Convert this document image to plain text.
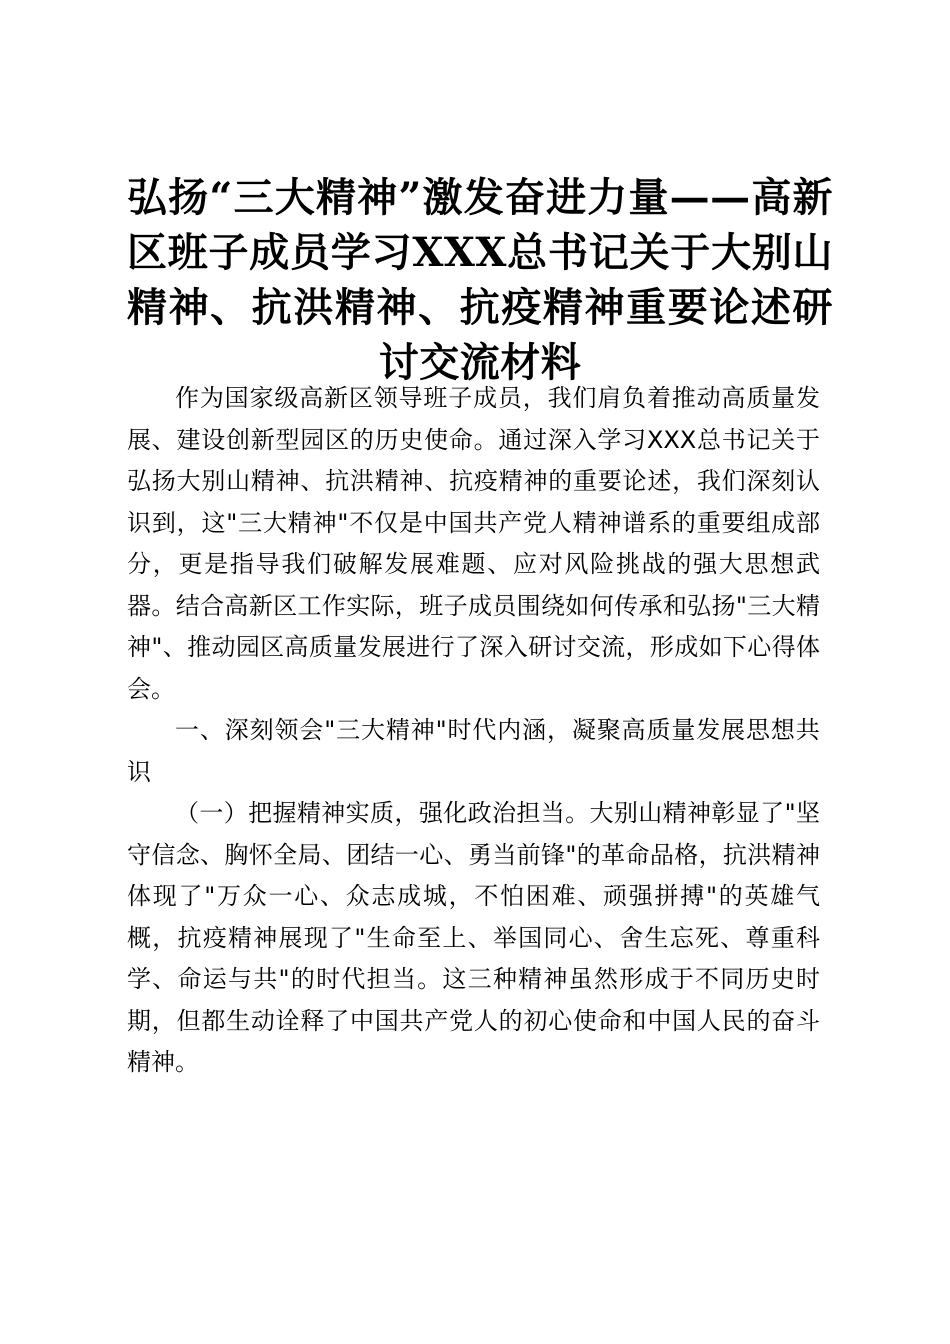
弘扬“三大精神”激发奋进力量——高新区班子成员学习XXX总书记关于大别山精神、抗洪精神、抗疫精神重要论述研讨交流材料

作为国家级高新区领导班子成员，我们肩负着推动高质量发展、建设创新型园区的历史使命。通过深入学习XXX总书记关于弘扬大别山精神、抗洪精神、抗疫精神的重要论述，我们深刻认识到，这"三大精神"不仅是中国共产党人精神谱系的重要组成部分，更是指导我们破解发展难题、应对风险挑战的强大思想武器。结合高新区工作实际，班子成员围绕如何传承和弘扬"三大精神"、推动园区高质量发展进行了深入研讨交流，形成如下心得体会。

一、深刻领会"三大精神"时代内涵，凝聚高质量发展思想共识

（一）把握精神实质，强化政治担当。大别山精神彰显了"坚守信念、胸怀全局、团结一心、勇当前锋"的革命品格，抗洪精神体现了"万众一心、众志成城，不怕困难、顽强拼搏"的英雄气概，抗疫精神展现了"生命至上、举国同心、舍生忘死、尊重科学、命运与共"的时代担当。这三种精神虽然形成于不同历史时期，但都生动诠释了中国共产党人的初心使命和中国人民的奋斗精神。
